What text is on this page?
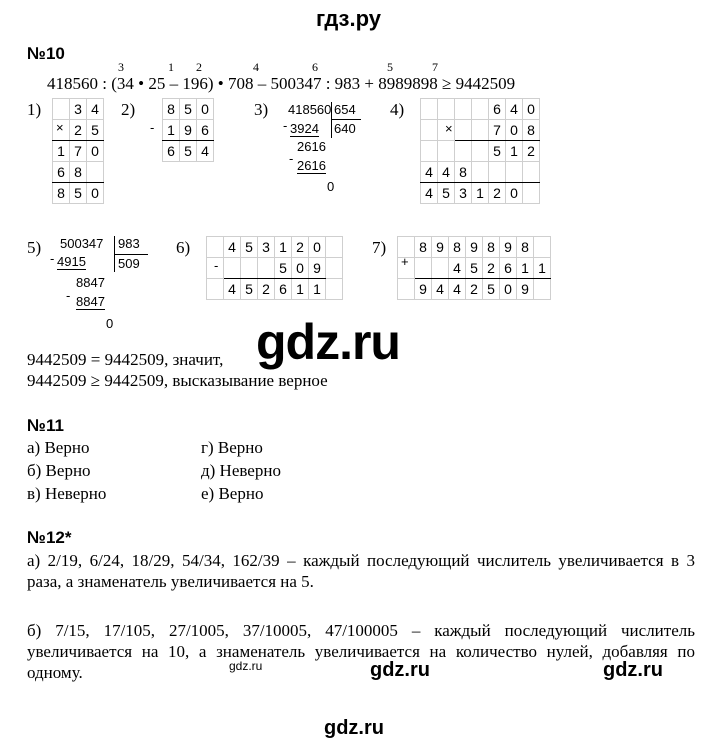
гдз.ру
№10
3	1 2	4	6	5	7
418560 : (34 • 25 – 196) • 708 – 500347 : 983 + 8989898 ≥ 9442509
1)	2)	3)	4)
5)	6)	7)
×
	3	4
	2	5
1	7	0
6	8	
8	5	0
-
8	5	0
1	9	6
6	5	4
418560 654
640
- 3924
2616
- 2616
0
×
				6	4	0
				7	0	8
				5	1	2
4	4	8				
4	5	3	1	2	0	
500347 983
509
- 4915
8847
- 8847
0
-
	4	5	3	1	2	0	
				5	0	9	
	4	5	2	6	1	1	
+
	8	9	8	9	8	9	8	
			4	5	2	6	1	1
	9	4	4	2	5	0	9	
gdz.ru
9442509 = 9442509, значит,
9442509 ≥ 9442509, высказывание верное
№11
а) Верно
б) Верно
в) Неверно
г) Верно
д) Неверно
е) Верно
№12*
а) 2/19, 6/24, 18/29, 54/34, 162/39 – каждый последующий числитель увеличивается в 3 раза, а знаменатель увеличивается на 5.
б) 7/15, 17/105, 27/1005, 37/10005, 47/100005 – каждый последующий числитель увеличивается на 10, а знаменатель увеличивается на количество нулей, добавляя по одному.	gdz.ru	gdz.ru	gdz.ru
gdz.ru
